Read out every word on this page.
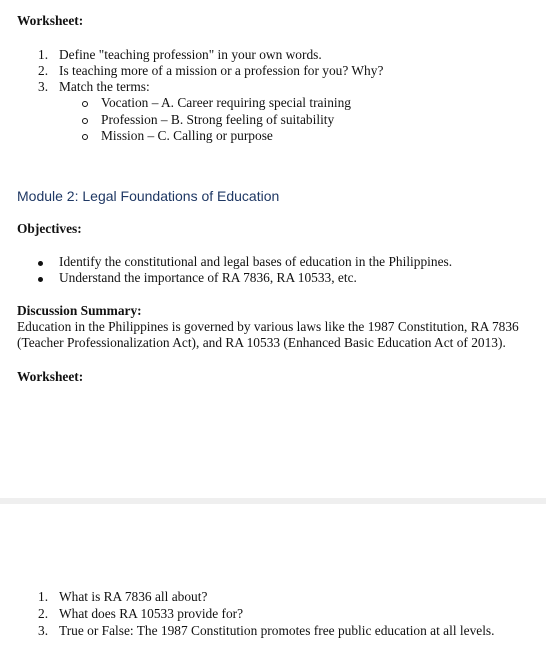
Worksheet:
1. Define "teaching profession" in your own words.
2. Is teaching more of a mission or a profession for you? Why?
3. Match the terms:
Vocation – A. Career requiring special training
Profession – B. Strong feeling of suitability
Mission – C. Calling or purpose
Module 2: Legal Foundations of Education
Objectives:
Identify the constitutional and legal bases of education in the Philippines.
Understand the importance of RA 7836, RA 10533, etc.
Discussion Summary:
Education in the Philippines is governed by various laws like the 1987 Constitution, RA 7836
(Teacher Professionalization Act), and RA 10533 (Enhanced Basic Education Act of 2013).
Worksheet:
1. What is RA 7836 all about?
2. What does RA 10533 provide for?
3. True or False: The 1987 Constitution promotes free public education at all levels.
